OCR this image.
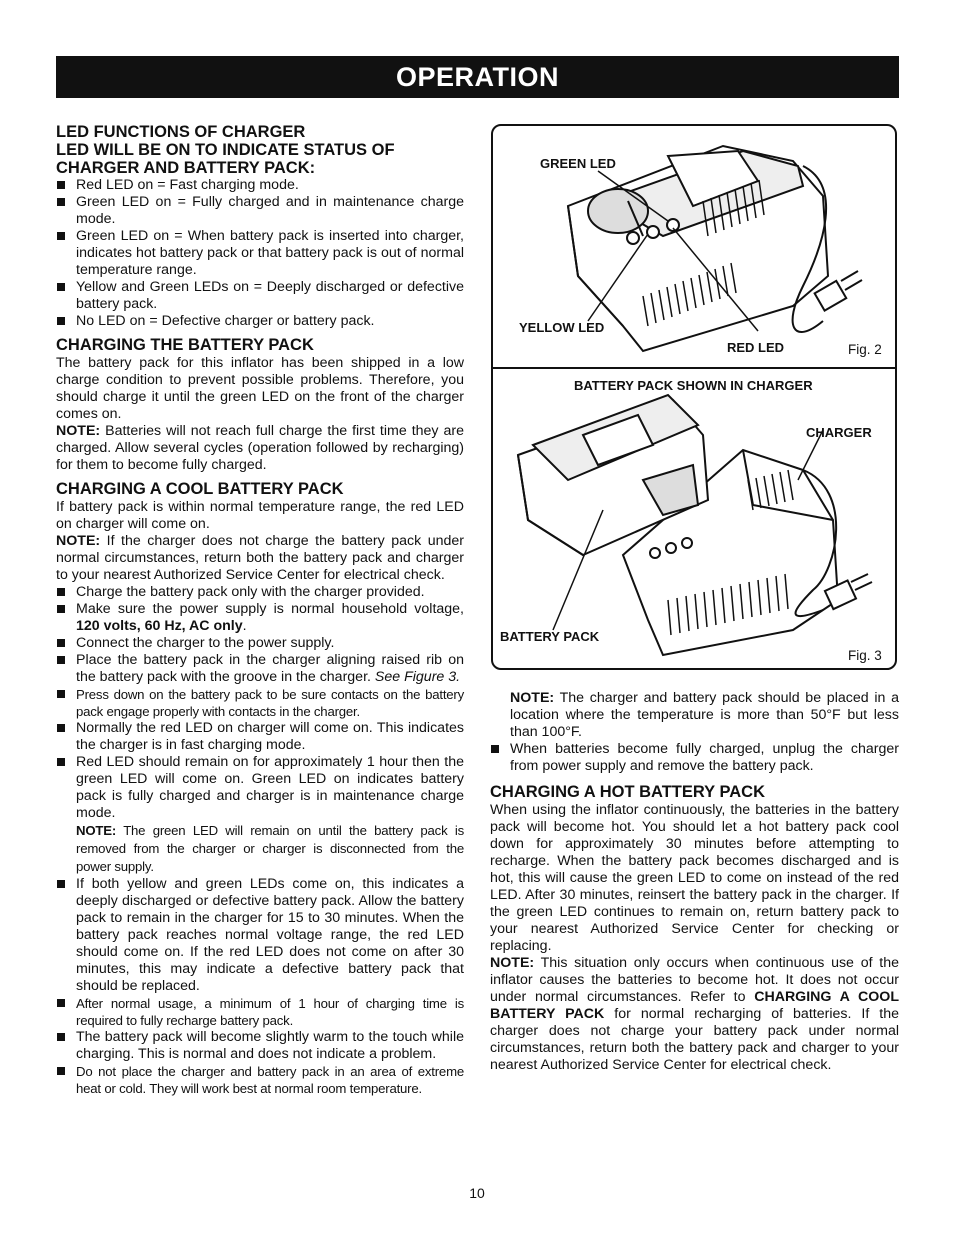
OPERATION
LED FUNCTIONS OF CHARGER
LED WILL BE ON TO INDICATE STATUS OF
CHARGER AND BATTERY PACK:
Red LED on = Fast charging mode.
Green LED on = Fully charged and in maintenance charge mode.
Green LED on = When battery pack is inserted into charger, indicates hot battery pack or that battery pack is out of normal temperature range.
Yellow and Green LEDs on = Deeply discharged or defective battery pack.
No LED on = Defective charger or battery pack.
CHARGING THE BATTERY PACK

The battery pack for this inflator has been shipped in a low charge condition to prevent possible problems. Therefore, you should charge it until the green LED on the front of the charger comes on.

NOTE: Batteries will not reach full charge the first time they are charged. Allow several cycles (operation followed by recharging) for them to become fully charged.

CHARGING A COOL BATTERY PACK

If battery pack is within normal temperature range, the red LED on charger will come on.

NOTE: If the charger does not charge the battery pack under normal circumstances, return both the battery pack and charger to your nearest Authorized Service Center for electrical check.

Charge the battery pack only with the charger provided.
Make sure the power supply is normal household voltage, 120 volts, 60 Hz, AC only.
Connect the charger to the power supply.
Place the battery pack in the charger aligning raised rib on the battery pack with the groove in the charger. See Figure 3.
Press down on the battery pack to be sure contacts on the battery pack engage properly with contacts in the charger.
Normally the red LED on charger will come on. This indicates the charger is in fast charging mode.
Red LED should remain on for approximately 1 hour then the green LED will come on. Green LED on indicates battery pack is fully charged and charger is in maintenance charge mode.
NOTE: The green LED will remain on until the battery pack is removed from the charger or charger is disconnected from the power supply.
If both yellow and green LEDs come on, this indicates a deeply discharged or defective battery pack. Allow the battery pack to remain in the charger for 15 to 30 minutes. When the battery pack reaches normal voltage range, the red LED should come on. If the red LED does not come on after 30 minutes, this may indicate a defective battery pack that should be replaced.
After normal usage, a minimum of 1 hour of charging time is required to fully recharge battery pack.
The battery pack will become slightly warm to the touch while charging. This is normal and does not indicate a problem.
Do not place the charger and battery pack in an area of extreme heat or cold. They will work best at normal room temperature.
GREEN LED
YELLOW LED
RED LED	Fig. 2
BATTERY PACK SHOWN IN CHARGER
CHARGER
BATTERY PACK
Fig. 3

NOTE: The charger and battery pack should be placed in a location where the temperature is more than 50°F but less than 100°F.

When batteries become fully charged, unplug the charger from power supply and remove the battery pack.
CHARGING A HOT BATTERY PACK

When using the inflator continuously, the batteries in the battery pack will become hot. You should let a hot battery pack cool down for approximately 30 minutes before attempting to recharge. When the battery pack becomes discharged and is hot, this will cause the green LED to come on instead of the red LED. After 30 minutes, reinsert the battery pack in the charger. If the green LED continues to remain on, return battery pack to your nearest Authorized Service Center for checking or replacing.

NOTE: This situation only occurs when continuous use of the inflator causes the batteries to become hot. It does not occur under normal circumstances. Refer to CHARGING A COOL BATTERY PACK for normal recharging of batteries. If the charger does not charge your battery pack under normal circumstances, return both the battery pack and charger to your nearest Authorized Service Center for electrical check.

10
